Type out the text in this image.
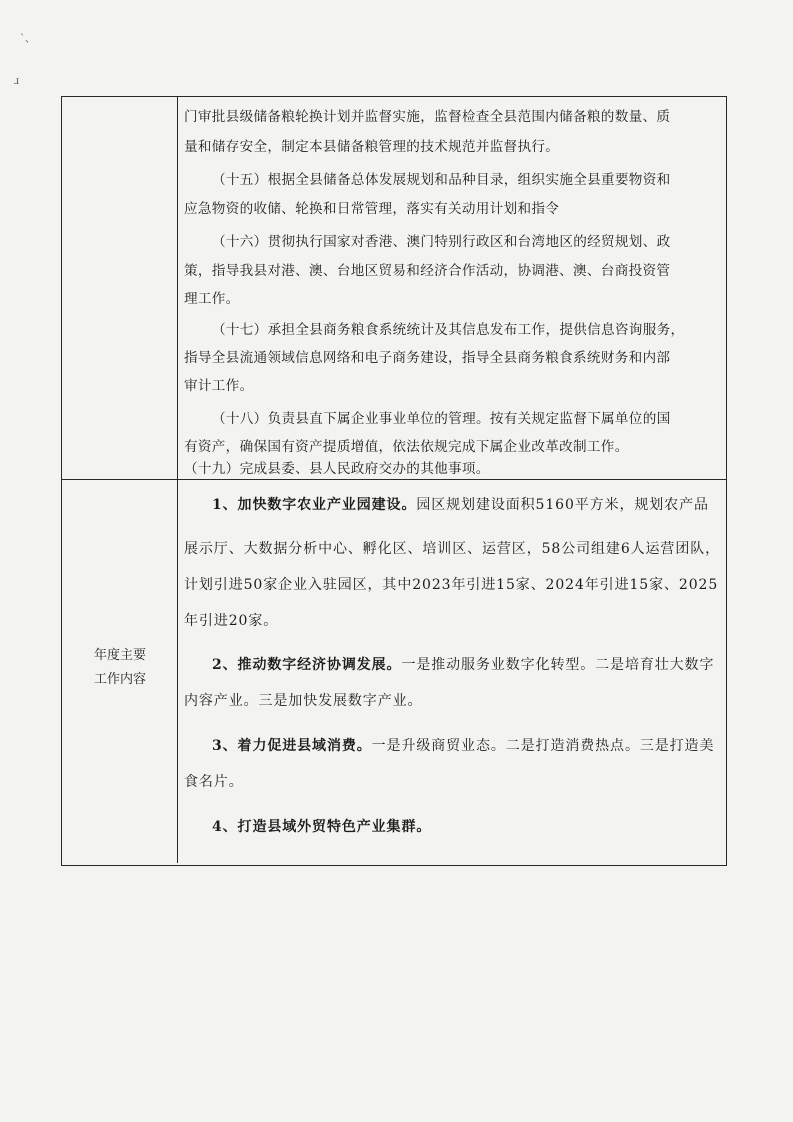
`、
ɹ
门审批县级储备粮轮换计划并监督实施，监督检查全县范围内储备粮的数量、质
量和储存安全，制定本县储备粮管理的技术规范并监督执行。
（十五）根据全县储备总体发展规划和品种目录，组织实施全县重要物资和
应急物资的收储、轮换和日常管理，落实有关动用计划和指令
（十六）贯彻执行国家对香港、澳门特别行政区和台湾地区的经贸规划、政
策，指导我县对港、澳、台地区贸易和经济合作活动，协调港、澳、台商投资管
理工作。
（十七）承担全县商务粮食系统统计及其信息发布工作，提供信息咨询服务，
指导全县流通领域信息网络和电子商务建设，指导全县商务粮食系统财务和内部
审计工作。
（十八）负责县直下属企业事业单位的管理。按有关规定监督下属单位的国
有资产，确保国有资产提质增值，依法依规完成下属企业改革改制工作。
（十九）完成县委、县人民政府交办的其他事项。
年度主要
工作内容
1、加快数字农业产业园建设。园区规划建设面积5160平方米，规划农产品
展示厅、大数据分析中心、孵化区、培训区、运营区，58公司组建6人运营团队，
计划引进50家企业入驻园区，其中2023年引进15家、2024年引进15家、2025
年引进20家。
2、推动数字经济协调发展。一是推动服务业数字化转型。二是培育壮大数字
内容产业。三是加快发展数字产业。
3、着力促进县域消费。一是升级商贸业态。二是打造消费热点。三是打造美
食名片。
4、打造县域外贸特色产业集群。
